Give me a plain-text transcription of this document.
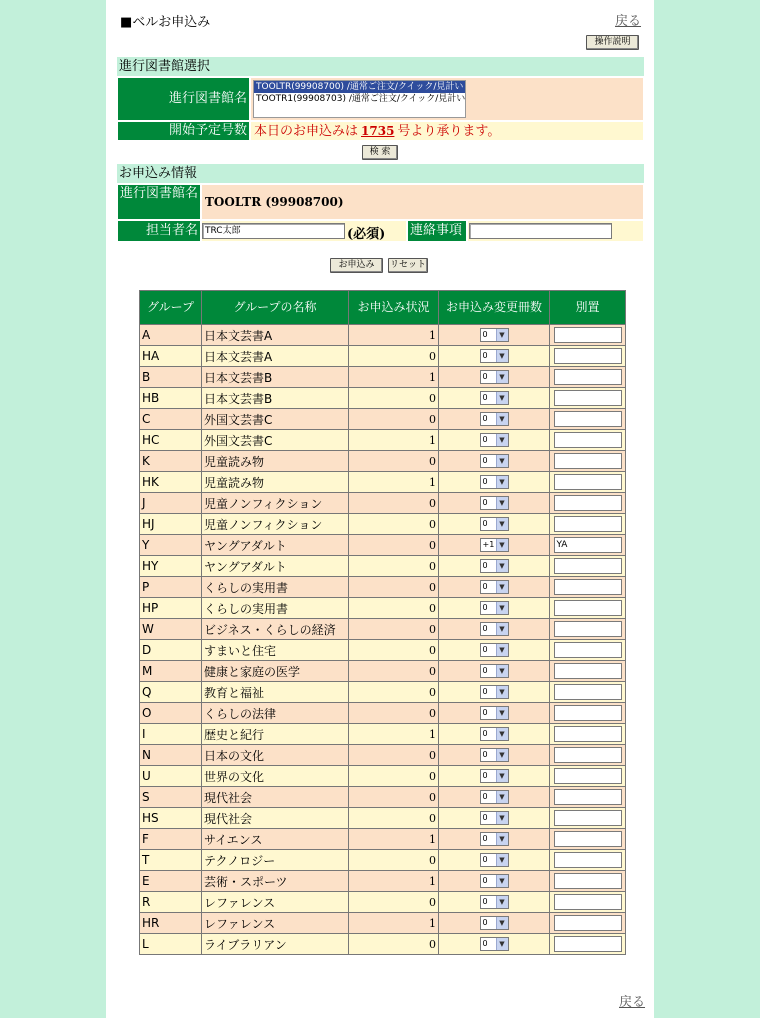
■ベルお申込み	戻る
操作説明
進行図書館選択
進行図書館名
TOOLTR(99908700) /通常ご注文/クイック/見計い
TOOTR1(99908703) /通常ご注文/クイック/見計い
開始予定号数 本日のお申込みは 1735 号より承ります。
検 索
お申込み情報
進行図書館名
TOOLTR (99908700)
担当者名 TRC太郎	(必須) 連絡事項
お申込み	リセット
グループ	グループの名称	お申込み状況	お申込み変更冊数	別置
A	日本文芸書A	1	0 ▼	

HA	日本文芸書A	0	0 ▼	

B	日本文芸書B	1	0 ▼	

HB	日本文芸書B	0	0 ▼	

C	外国文芸書C	0	0 ▼	

HC	外国文芸書C	1	0 ▼	

K	児童読み物	0	0 ▼	

HK	児童読み物	1	0 ▼	

J	児童ノンフィクション	0	0 ▼	

HJ	児童ノンフィクション	0	0 ▼	

Y	ヤングアダルト	0	+1 ▼	YA
HY	ヤングアダルト	0	0 ▼	

P	くらしの実用書	0	0 ▼	

HP	くらしの実用書	0	0 ▼	

W	ビジネス・くらしの経済	0	0 ▼	

D	すまいと住宅	0	0 ▼	

M	健康と家庭の医学	0	0 ▼	

Q	教育と福祉	0	0 ▼	

O	くらしの法律	0	0 ▼	

I	歴史と紀行	1	0 ▼	

N	日本の文化	0	0 ▼	

U	世界の文化	0	0 ▼	

S	現代社会	0	0 ▼	

HS	現代社会	0	0 ▼	

F	サイエンス	1	0 ▼	

T	テクノロジー	0	0 ▼	

E	芸術・スポーツ	1	0 ▼	

R	レファレンス	0	0 ▼	

HR	レファレンス	1	0 ▼	

L	ライブラリアン	0	0 ▼	

戻る
